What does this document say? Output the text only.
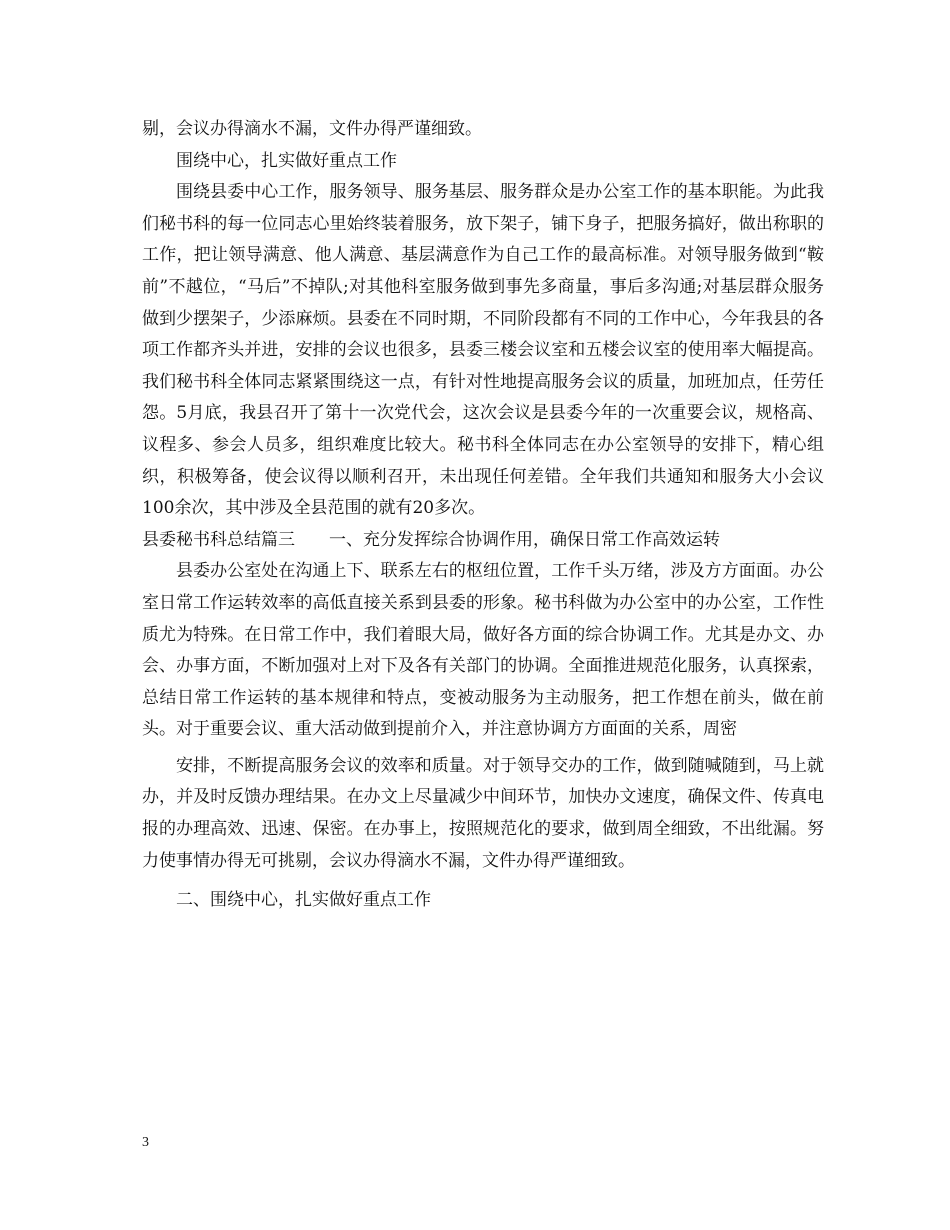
剔，会议办得滴水不漏，文件办得严谨细致。

围绕中心，扎实做好重点工作

围绕县委中心工作，服务领导、服务基层、服务群众是办公室工作的基本职能。为此我们秘书科的每一位同志心里始终装着服务，放下架子，铺下身子，把服务搞好，做出称职的工作，把让领导满意、他人满意、基层满意作为自己工作的最高标准。对领导服务做到“鞍前”不越位，“马后”不掉队;对其他科室服务做到事先多商量，事后多沟通;对基层群众服务做到少摆架子，少添麻烦。县委在不同时期，不同阶段都有不同的工作中心，今年我县的各项工作都齐头并进，安排的会议也很多，县委三楼会议室和五楼会议室的使用率大幅提高。我们秘书科全体同志紧紧围绕这一点，有针对性地提高服务会议的质量，加班加点，任劳任怨。5月底，我县召开了第十一次党代会，这次会议是县委今年的一次重要会议，规格高、议程多、参会人员多，组织难度比较大。秘书科全体同志在办公室领导的安排下，精心组织，积极筹备，使会议得以顺利召开，未出现任何差错。全年我们共通知和服务大小会议100余次，其中涉及全县范围的就有20多次。

县委秘书科总结篇三　　一、充分发挥综合协调作用，确保日常工作高效运转

县委办公室处在沟通上下、联系左右的枢纽位置，工作千头万绪，涉及方方面面。办公室日常工作运转效率的高低直接关系到县委的形象。秘书科做为办公室中的办公室，工作性质尤为特殊。在日常工作中，我们着眼大局，做好各方面的综合协调工作。尤其是办文、办会、办事方面，不断加强对上对下及各有关部门的协调。全面推进规范化服务，认真探索，总结日常工作运转的基本规律和特点，变被动服务为主动服务，把工作想在前头，做在前头。对于重要会议、重大活动做到提前介入，并注意协调方方面面的关系，周密

安排，不断提高服务会议的效率和质量。对于领导交办的工作，做到随喊随到，马上就办，并及时反馈办理结果。在办文上尽量减少中间环节，加快办文速度，确保文件、传真电报的办理高效、迅速、保密。在办事上，按照规范化的要求，做到周全细致，不出纰漏。努力使事情办得无可挑剔，会议办得滴水不漏，文件办得严谨细致。

二、围绕中心，扎实做好重点工作

3
